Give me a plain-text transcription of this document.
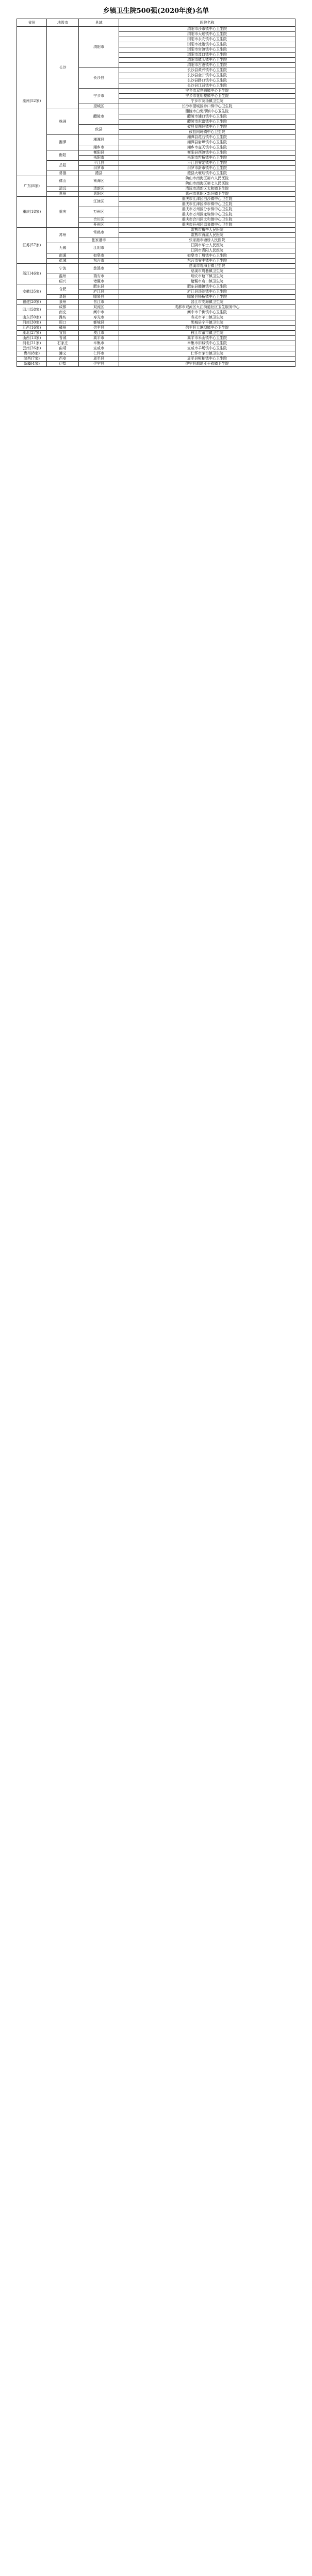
乡镇卫生院500强(2020年度)名单
省份	地级市	县域	医院名称
湖南(52家)	长沙	浏阳市	浏阳市沙市镇中心卫生院
			浏阳市大瑶镇中心卫生院
			浏阳市永安镇中心卫生院
			浏阳市社港镇中心卫生院
			浏阳市官渡镇中心卫生院
			浏阳市淳口镇中心卫生院
			浏阳市镇头镇中心卫生院
			浏阳市古港镇中心卫生院
		长沙县	长沙县黄兴镇中心卫生院
			长沙县金井镇中心卫生院
			长沙县路口镇中心卫生院
			长沙县江背镇中心卫生院
		宁乡市	宁乡市双凫铺镇中心卫生院
			宁乡市花明楼镇中心卫生院
			宁乡市灰汤镇卫生院
		望城区	长沙市望城区乔口镇中心卫生院
	株洲	醴陵市	醴陵市白兔潭镇中心卫生院
			醴陵市浦口镇中心卫生院
			醴陵市东富镇中心卫生院
		攸县	攸县皇图岭镇中心卫生院
			攸县网岭镇中心卫生院
	湘潭	湘潭县	湘潭县花石镇中心卫生院
			湘潭县射埠镇中心卫生院
		湘乡市	湘乡市壶天镇中心卫生院
	衡阳	衡阳县	衡阳县西渡镇中心卫生院
		耒阳市	耒阳市哲桥镇中心卫生院
	岳阳	平江县	平江县安定镇中心卫生院
		汨罗市	汨罗市新市镇中心卫生院
	常德	澧县	澧县大堰垱镇中心卫生院
广东(8家)	佛山	南海区	佛山市南海区第六人民医院
			佛山市南海区第七人民医院
	清远	清新区	清远市清新区太和镇卫生院
	惠州	惠阳区	惠州市惠阳区新圩镇卫生院
重庆(18家)	重庆	江津区	重庆市江津区白沙镇中心卫生院
			重庆市江津区李市镇中心卫生院
		万州区	重庆市万州区分水镇中心卫生院
			重庆市万州区龙驹镇中心卫生院
		合川区	重庆市合川区太和镇中心卫生院
		开州区	重庆市开州区温泉镇中心卫生院
江苏(57家)	苏州	常熟市	常熟市梅李人民医院
			常熟市海虞人民医院
		张家港市	张家港市塘桥人民医院
	无锡	江阴市	江阴市华士人民医院
			江阴市青阳人民医院
	南通	如皋市	如皋市丁堰镇中心卫生院
	盐城	东台市	东台市安丰镇中心卫生院
浙江(46家)	宁波	慈溪市	慈溪市观海卫镇卫生院
			慈溪市周巷镇卫生院
	温州	瑞安市	瑞安市塘下镇卫生院
	绍兴	诸暨市	诸暨市店口镇卫生院
安徽(35家)	合肥	肥东县	肥东县撮镇镇中心卫生院
		庐江县	庐江县汤池镇中心卫生院
	阜阳	临泉县	临泉县杨桥镇中心卫生院
福建(20家)	泉州	晋江市	晋江市安海镇卫生院
四川(58家)	成都	双流区	成都市双流区九江街道社区卫生服务中心
	南充	阆中市	阆中市千佛镇中心卫生院
山东(50家)	潍坊	寿光市	寿光市羊口镇卫生院
河南(30家)	周口	郸城县	郸城县宁平镇卫生院
江西(16家)	赣州	信丰县	信丰县大塘埠镇中心卫生院
湖北(27家)	宜昌	枝江市	枝江市董市镇卫生院
山西(13家)	晋城	高平市	高平市米山镇中心卫生院
河北(21家)	石家庄	辛集市	辛集市旧城镇中心卫生院
云南(26家)	曲靖	宣威市	宣威市羊场镇中心卫生院
贵州(8家)	遵义	仁怀市	仁怀市茅台镇卫生院
陕西(7家)	西安	周至县	周至县哑柏镇中心卫生院
新疆(4家)	伊犁	伊宁县	伊宁县胡地亚于孜镇卫生院
